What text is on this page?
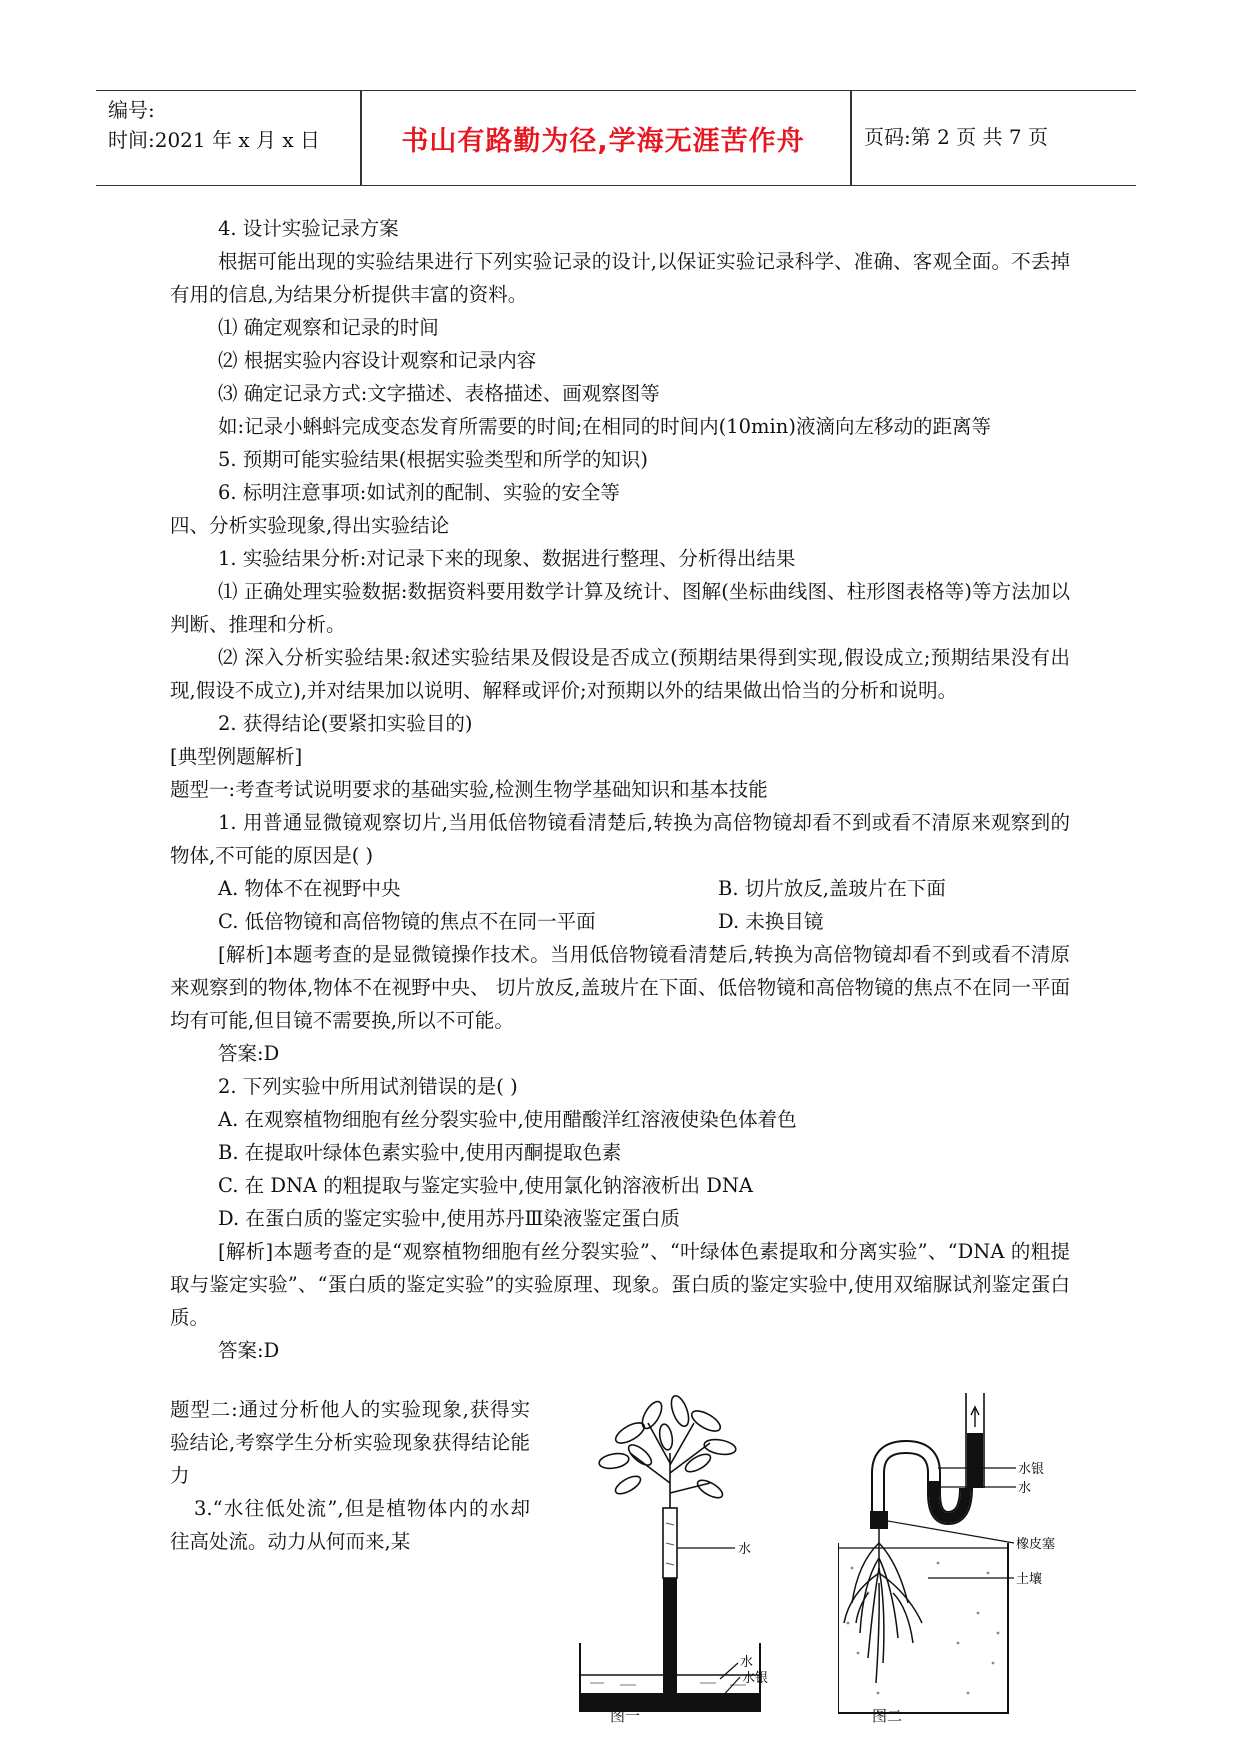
编号:
时间:2021 年 x 月 x 日	书山有路勤为径,学海无涯苦作舟	页码:第 2 页 共 7 页
4. 设计实验记录方案
根据可能出现的实验结果进行下列实验记录的设计,以保证实验记录科学、准确、客观全面。不丢掉有用的信息,为结果分析提供丰富的资料。
⑴ 确定观察和记录的时间
⑵ 根据实验内容设计观察和记录内容
⑶ 确定记录方式:文字描述、表格描述、画观察图等
如:记录小蝌蚪完成变态发育所需要的时间;在相同的时间内(10min)液滴向左移动的距离等
5. 预期可能实验结果(根据实验类型和所学的知识)
6. 标明注意事项:如试剂的配制、实验的安全等
四、分析实验现象,得出实验结论
1. 实验结果分析:对记录下来的现象、数据进行整理、分析得出结果
⑴ 正确处理实验数据:数据资料要用数学计算及统计、图解(坐标曲线图、柱形图表格等)等方法加以判断、推理和分析。
⑵ 深入分析实验结果:叙述实验结果及假设是否成立(预期结果得到实现,假设成立;预期结果没有出现,假设不成立),并对结果加以说明、解释或评价;对预期以外的结果做出恰当的分析和说明。
2. 获得结论(要紧扣实验目的)
[典型例题解析]
题型一:考查考试说明要求的基础实验,检测生物学基础知识和基本技能
1. 用普通显微镜观察切片,当用低倍物镜看清楚后,转换为高倍物镜却看不到或看不清原来观察到的物体,不可能的原因是( )
A. 物体不在视野中央	B. 切片放反,盖玻片在下面
C. 低倍物镜和高倍物镜的焦点不在同一平面	D. 未换目镜
[解析]本题考查的是显微镜操作技术。当用低倍物镜看清楚后,转换为高倍物镜却看不到或看不清原来观察到的物体,物体不在视野中央、 切片放反,盖玻片在下面、低倍物镜和高倍物镜的焦点不在同一平面均有可能,但目镜不需要换,所以不可能。
答案:D
2. 下列实验中所用试剂错误的是( )
A. 在观察植物细胞有丝分裂实验中,使用醋酸洋红溶液使染色体着色
B. 在提取叶绿体色素实验中,使用丙酮提取色素
C. 在 DNA 的粗提取与鉴定实验中,使用氯化钠溶液析出 DNA
D. 在蛋白质的鉴定实验中,使用苏丹Ⅲ染液鉴定蛋白质
[解析]本题考查的是“观察植物细胞有丝分裂实验”、“叶绿体色素提取和分离实验”、“DNA 的粗提取与鉴定实验”、“蛋白质的鉴定实验”的实验原理、现象。蛋白质的鉴定实验中,使用双缩脲试剂鉴定蛋白质。
答案:D
题型二:通过分析他人的实验现象,获得实验结论,考察学生分析实验现象获得结论能力
3.“水往低处流”,但是植物体内的水却往高处流。动力从何而来,某	水
水
水银
图一
水银
水
橡皮塞
土壤
图二
